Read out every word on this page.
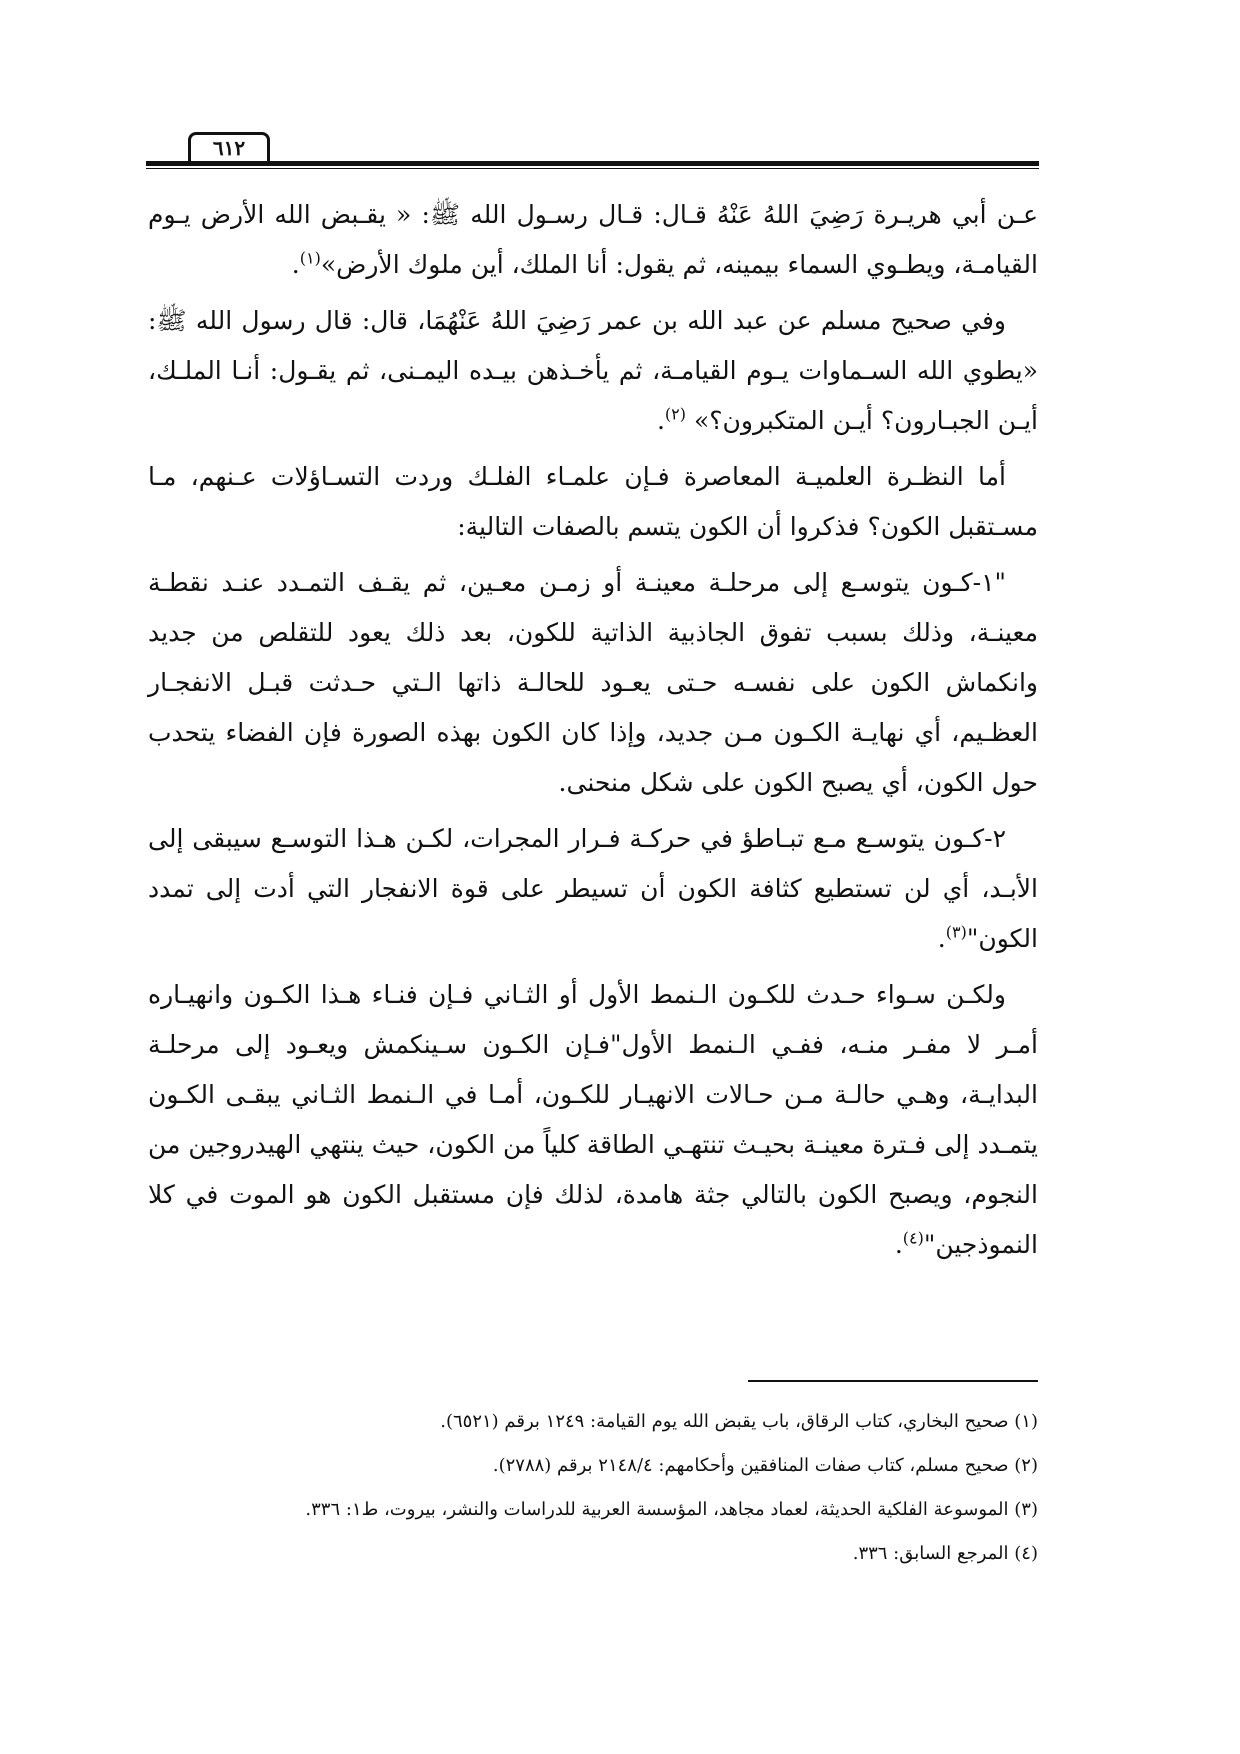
٦١٢

عـن أبي هريـرة رَضِيَ اللهُ عَنْهُ قـال: قـال رسـول الله ﷺ: « يقـبض الله الأرض يـوم القيامـة، ويطـوي السماء بيمينه، ثم يقول: أنا الملك، أين ملوك الأرض»$^{(١)}$.

وفي صحيح مسلم عن عبد الله بن عمر رَضِيَ اللهُ عَنْهُمَا، قال: قال رسول الله ﷺ: «يطوي الله السـماوات يـوم القيامـة، ثم يأخـذهن بيـده اليمـنى، ثم يقـول: أنـا الملـك، أيـن الجبـارون؟ أيـن المتكبرون؟» $^{(٢)}$.

أما النظـرة العلميـة المعاصرة فـإن علمـاء الفلـك وردت التسـاؤلات عـنهم، مـا مسـتقبل الكون؟ فذكروا أن الكون يتسم بالصفات التالية:

"١-كـون يتوسـع إلى مرحلـة معينـة أو زمـن معـين، ثم يقـف التمـدد عنـد نقطـة معينـة، وذلك بسبب تفوق الجاذبية الذاتية للكون، بعد ذلك يعود للتقلص من جديد وانكماش الكون على نفسـه حـتى يعـود للحالـة ذاتها الـتي حـدثت قبـل الانفجـار العظـيم، أي نهايـة الكـون مـن جديد، وإذا كان الكون بهذه الصورة فإن الفضاء يتحدب حول الكون، أي يصبح الكون على شكل منحنى.

٢-كـون يتوسـع مـع تبـاطؤ في حركـة فـرار المجرات، لكـن هـذا التوسـع سيبقى إلى الأبـد، أي لن تستطيع كثافة الكون أن تسيطر على قوة الانفجار التي أدت إلى تمدد الكون"$^{(٣)}$.

ولكـن سـواء حـدث للكـون الـنمط الأول أو الثـاني فـإن فنـاء هـذا الكـون وانهيـاره أمـر لا مفـر منـه، ففـي الـنمط الأول"فـإن الكـون سـينكمش ويعـود إلى مرحلـة البدايـة، وهـي حالـة مـن حـالات الانهيـار للكـون، أمـا في الـنمط الثـاني يبقـى الكـون يتمـدد إلى فـترة معينـة بحيـث تنتهـي الطاقة كلياً من الكون، حيث ينتهي الهيدروجين من النجوم، ويصبح الكون بالتالي جثة هامدة، لذلك فإن مستقبل الكون هو الموت في كلا النموذجين"$^{(٤)}$.

(١) صحيح البخاري، كتاب الرقاق، باب يقبض الله يوم القيامة: ١٢٤٩ برقم (٦٥٢١).
(٢) صحيح مسلم، كتاب صفات المنافقين وأحكامهم: ٢١٤٨/٤ برقم (٢٧٨٨).
(٣) الموسوعة الفلكية الحديثة، لعماد مجاهد، المؤسسة العربية للدراسات والنشر، بيروت، ط١: ٣٣٦.
(٤) المرجع السابق: ٣٣٦.
